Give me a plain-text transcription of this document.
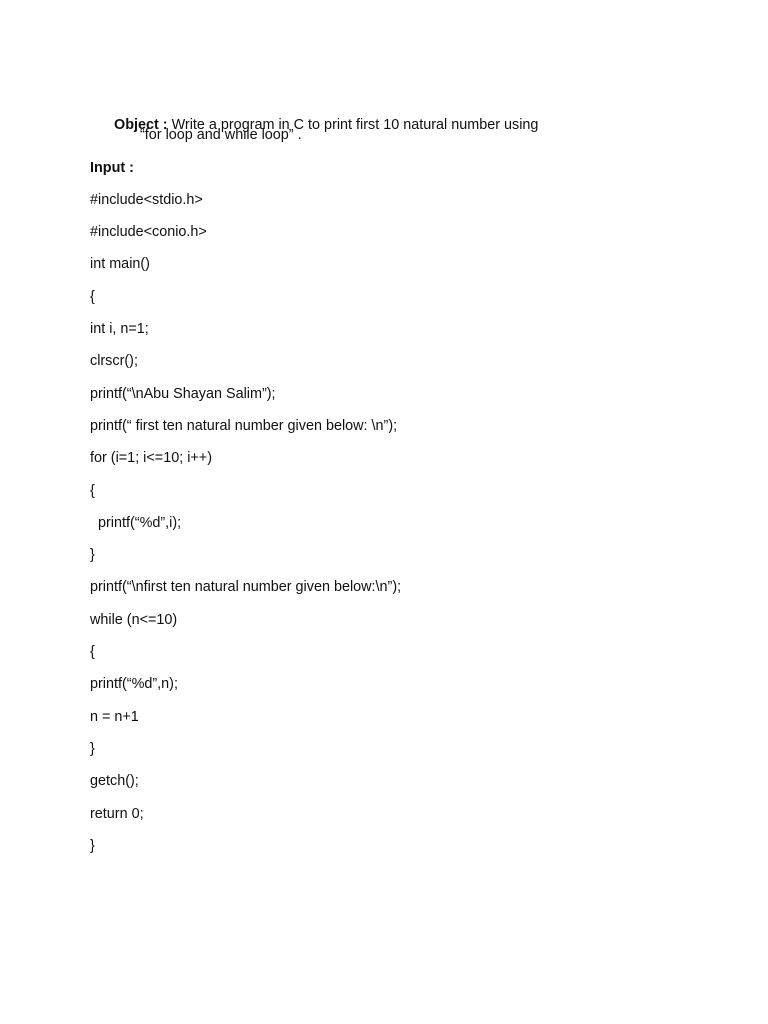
Object : Write a program in C to print first 10 natural number using

“for loop and while loop” .
Input :
#include<stdio.h>
#include<conio.h>
int main()
{
int i, n=1;
clrscr();
printf(“\nAbu Shayan Salim”);
printf(“ first ten natural number given below: \n”);
for (i=1; i<=10; i++)
{
printf(“%d”,i);
}
printf(“\nfirst ten natural number given below:\n”);
while (n<=10)
{
printf(“%d”,n);
n = n+1
}
getch();
return 0;
}
